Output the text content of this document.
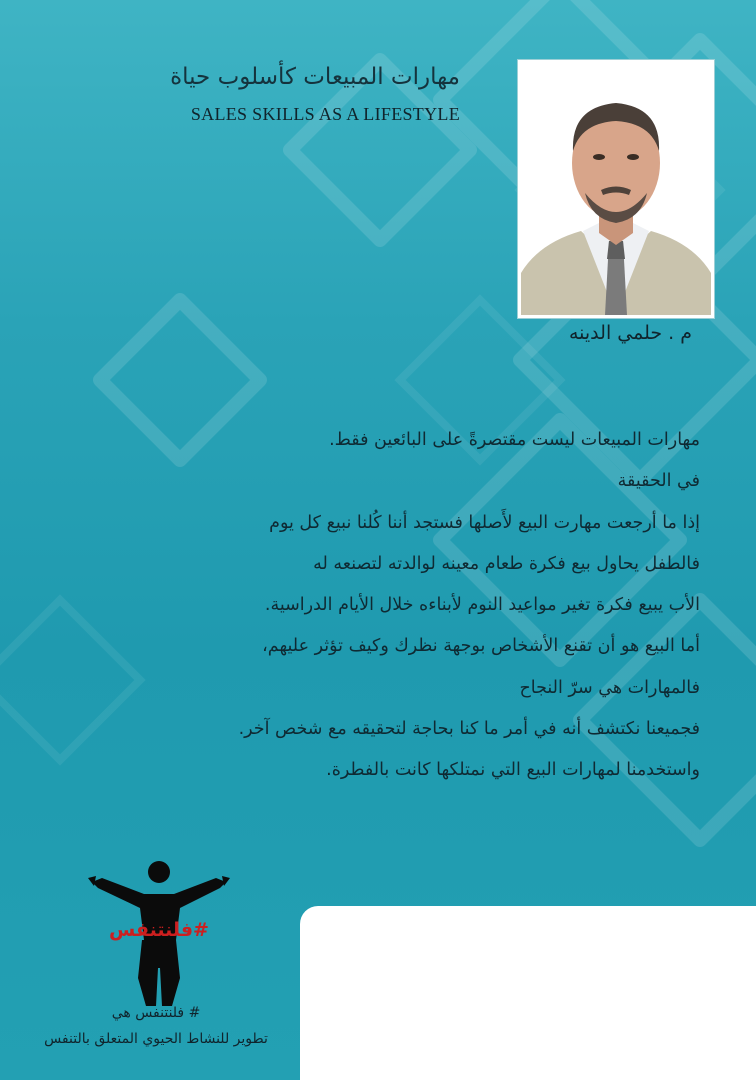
مهارات المبيعات كأسلوب حياة
SALES SKILLS AS A LIFESTYLE
م . حلمي الدينه
مهارات المبيعات ليست مقتصرةً على البائعين فقط.
في الحقيقة
إذا ما أرجعت مهارت البيع لأَصلها فستجد أننا كُلنا نبيع كل يوم
فالطفل يحاول بيع فكرة طعام معينه لوالدته لتصنعه له
الأب يبيع فكرة تغير مواعيد النوم لأبناءه خلال الأيام الدراسية.
أما البيع هو أن تقنع الأشخاص بوجهة نظرك وكيف تؤثر عليهم،
فالمهارات هي سرّ النجاح
فجميعنا نكتشف أنه في أمر ما كنا بحاجة لتحقيقه مع شخص آخر.
واستخدمنا لمهارات البيع التي نمتلكها كانت بالفطرة.
#فلنتنفس
# فلنتنفس هي
تطوير للنشاط الحيوي المتعلق بالتنفس
